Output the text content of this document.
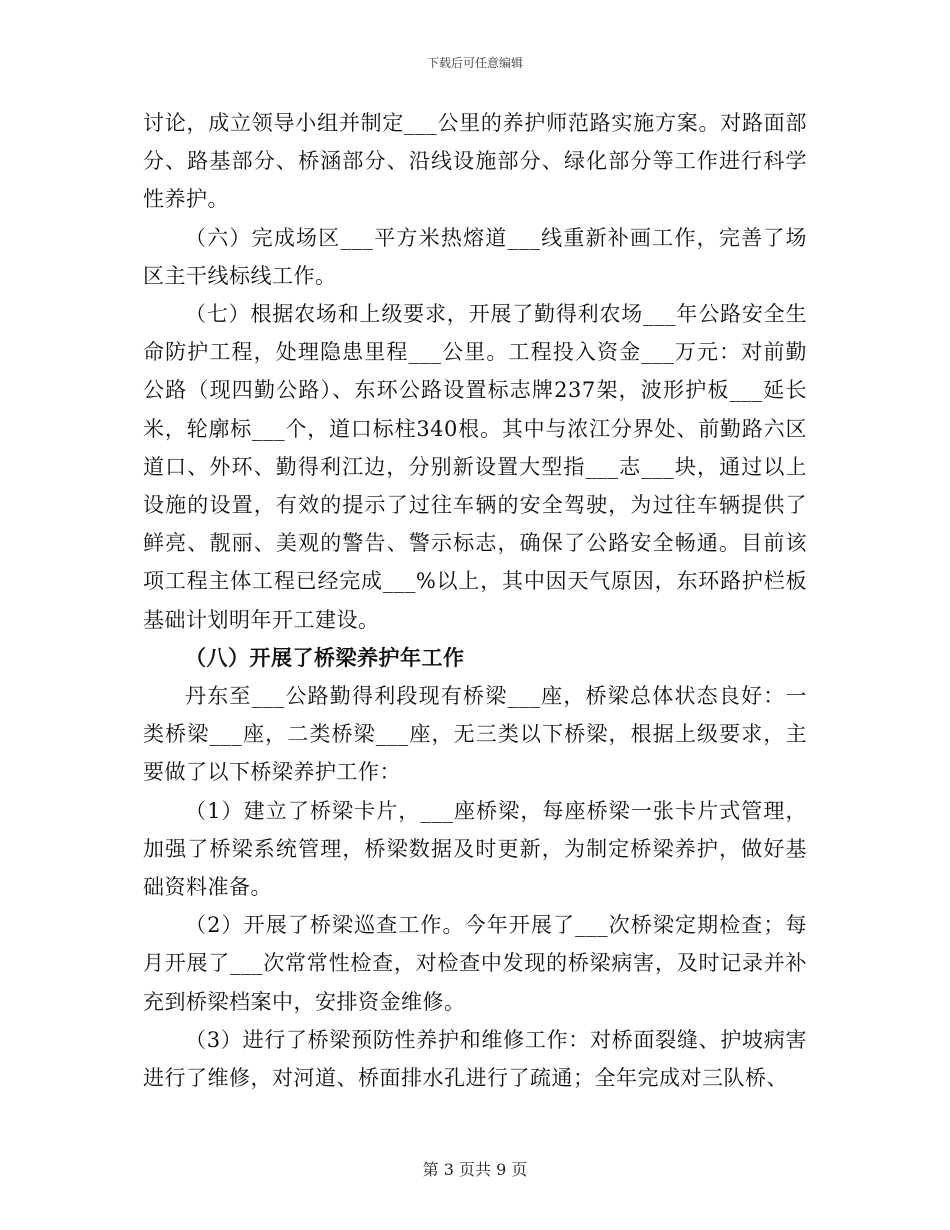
下载后可任意编辑

讨论，成立领导小组并制定___公里的养护师范路实施方案。对路面部分、路基部分、桥涵部分、沿线设施部分、绿化部分等工作进行科学性养护。

（六）完成场区___平方米热熔道___线重新补画工作，完善了场区主干线标线工作。

（七）根据农场和上级要求，开展了勤得利农场___年公路安全生命防护工程，处理隐患里程___公里。工程投入资金___万元：对前勤公路（现四勤公路）、东环公路设置标志牌237架，波形护板___延长米，轮廓标___个，道口标柱340根。其中与浓江分界处、前勤路六区道口、外环、勤得利江边，分别新设置大型指___志___块，通过以上设施的设置，有效的提示了过往车辆的安全驾驶，为过往车辆提供了鲜亮、靓丽、美观的警告、警示标志，确保了公路安全畅通。目前该项工程主体工程已经完成___%以上，其中因天气原因，东环路护栏板基础计划明年开工建设。

（八）开展了桥梁养护年工作

丹东至___公路勤得利段现有桥梁___座，桥梁总体状态良好：一类桥梁___座，二类桥梁___座，无三类以下桥梁，根据上级要求，主要做了以下桥梁养护工作：

（1）建立了桥梁卡片，___座桥梁，每座桥梁一张卡片式管理，加强了桥梁系统管理，桥梁数据及时更新，为制定桥梁养护，做好基础资料准备。

（2）开展了桥梁巡查工作。今年开展了___次桥梁定期检查；每月开展了___次常常性检查，对检查中发现的桥梁病害，及时记录并补充到桥梁档案中，安排资金维修。

（3）进行了桥梁预防性养护和维修工作：对桥面裂缝、护坡病害进行了维修，对河道、桥面排水孔进行了疏通；全年完成对三队桥、

第 3 页共 9 页
